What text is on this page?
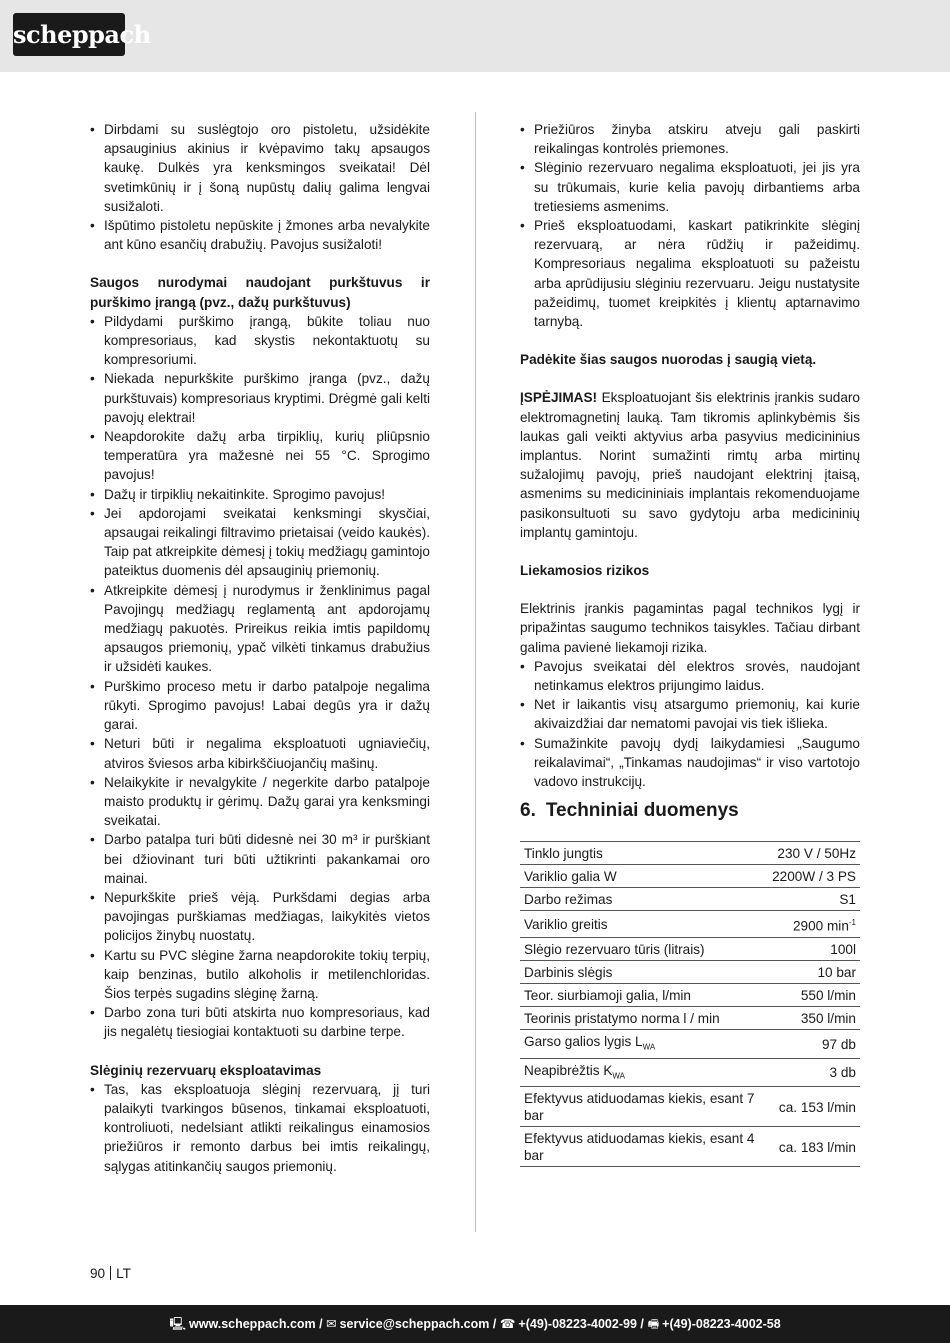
scheppach
• Dirbdami su suslėgtojo oro pistoletu, užsidėkite apsauginius akinius ir kvėpavimo takų apsaugos kaukę. Dulkės yra kenksmingos sveikatai! Dėl svetimkūnių ir į šoną nupūstų dalių galima lengvai susižaloti.
• Išpūtimo pistoletu nepūskite į žmones arba nevalykite ant kūno esančių drabužių. Pavojus susižaloti!

Saugos nurodymai naudojant purkštuvus ir purškimo įrangą (pvz., dažų purkštuvus)

• Pildydami purškimo įrangą, būkite toliau nuo kompresoriaus, kad skystis nekontaktuotų su kompresoriumi.
• Niekada nepurkškite purškimo įranga (pvz., dažų purkštuvais) kompresoriaus kryptimi. Drėgmė gali kelti pavojų elektrai!
• Neapdorokite dažų arba tirpiklių, kurių pliūpsnio temperatūra yra mažesnė nei 55 °C. Sprogimo pavojus!
• Dažų ir tirpiklių nekaitinkite. Sprogimo pavojus!
• Jei apdorojami sveikatai kenksmingi skysčiai, apsaugai reikalingi filtravimo prietaisai (veido kaukės). Taip pat atkreipkite dėmesį į tokių medžiagų gamintojo pateiktus duomenis dėl apsauginių priemonių.
• Atkreipkite dėmesį į nurodymus ir ženklinimus pagal Pavojingų medžiagų reglamentą ant apdorojamų medžiagų pakuotės. Prireikus reikia imtis papildomų apsaugos priemonių, ypač vilkėti tinkamus drabužius ir užsidėti kaukes.
• Purškimo proceso metu ir darbo patalpoje negalima rūkyti. Sprogimo pavojus! Labai degūs yra ir dažų garai.
• Neturi būti ir negalima eksploatuoti ugniaviečių, atviros šviesos arba kibirkščiuojančių mašinų.
• Nelaikykite ir nevalgykite / negerkite darbo patalpoje maisto produktų ir gėrimų. Dažų garai yra kenksmingi sveikatai.
• Darbo patalpa turi būti didesnė nei 30 m³ ir purškiant bei džiovinant turi būti užtikrinti pakankamai oro mainai.
• Nepurkškite prieš vėją. Purkšdami degias arba pavojingas purškiamas medžiagas, laikykitės vietos policijos žinybų nuostatų.
• Kartu su PVC slėgine žarna neapdorokite tokių terpių, kaip benzinas, butilo alkoholis ir metilenchloridas. Šios terpės sugadins slėginę žarną.
• Darbo zona turi būti atskirta nuo kompresoriaus, kad jis negalėtų tiesiogiai kontaktuoti su darbine terpe.

Slėginių rezervuarų eksploatavimas

• Tas, kas eksploatuoja slėginį rezervuarą, jį turi palaikyti tvarkingos būsenos, tinkamai eksploatuoti, kontroliuoti, nedelsiant atlikti reikalingus einamosios priežiūros ir remonto darbus bei imtis reikalingų, sąlygas atitinkančių saugos priemonių.
• Priežiūros žinyba atskiru atveju gali paskirti reikalingas kontrolės priemones.
• Slėginio rezervuaro negalima eksploatuoti, jei jis yra su trūkumais, kurie kelia pavojų dirbantiems arba tretiesiems asmenims.
• Prieš eksploatuodami, kaskart patikrinkite slėginį rezervuarą, ar nėra rūdžių ir pažeidimų. Kompresoriaus negalima eksploatuoti su pažeistu arba aprūdijusiu slėginiu rezervuaru. Jeigu nustatysite pažeidimų, tuomet kreipkitės į klientų aptarnavimo tarnybą.

Padėkite šias saugos nuorodas į saugią vietą.

ĮSPĖJIMAS! Eksploatuojant šis elektrinis įrankis sudaro elektromagnetinį lauką. Tam tikromis aplinkybėmis šis laukas gali veikti aktyvius arba pasyvius medicininius implantus. Norint sumažinti rimtų arba mirtinų sužalojimų pavojų, prieš naudojant elektrinį įtaisą, asmenims su medicininiais implantais rekomenduojame pasikonsultuoti su savo gydytoju arba medicininių implantų gamintoju.

Liekamosios rizikos

Elektrinis įrankis pagamintas pagal technikos lygį ir pripažintas saugumo technikos taisykles. Tačiau dirbant galima pavienė liekamoji rizika.

• Pavojus sveikatai dėl elektros srovės, naudojant netinkamus elektros prijungimo laidus.
• Net ir laikantis visų atsargumo priemonių, kai kurie akivaizdžiai dar nematomi pavojai vis tiek išlieka.
• Sumažinkite pavojų dydį laikydamiesi „Saugumo reikalavimai“, „Tinkamas naudojimas“ ir viso vartotojo vadovo instrukcijų.
6. Techniniai duomenys
Tinklo jungtis	230 V / 50Hz
Variklio galia W	2200W / 3 PS
Darbo režimas	S1
Variklio greitis	2900 $\min^{-1}$
Slėgio rezervuaro tūris (litrais)	100l
Darbinis slėgis	10 bar
Teor. siurbiamoji galia, l/min	550 l/min
Teorinis pristatymo norma l / min	350 l/min
Garso galios lygis $L_{WA}$	97 db
Neapibrėžtis $K_{WA}$	3 db
Efektyvus atiduodamas kiekis, esant 7 bar	ca. 153 l/min
Efektyvus atiduodamas kiekis, esant 4 bar	ca. 183 l/min
90 LT
🖳 www.scheppach.com / ✉ service@scheppach.com / ☎ +(49)-08223-4002-99 / 🖷 +(49)-08223-4002-58
